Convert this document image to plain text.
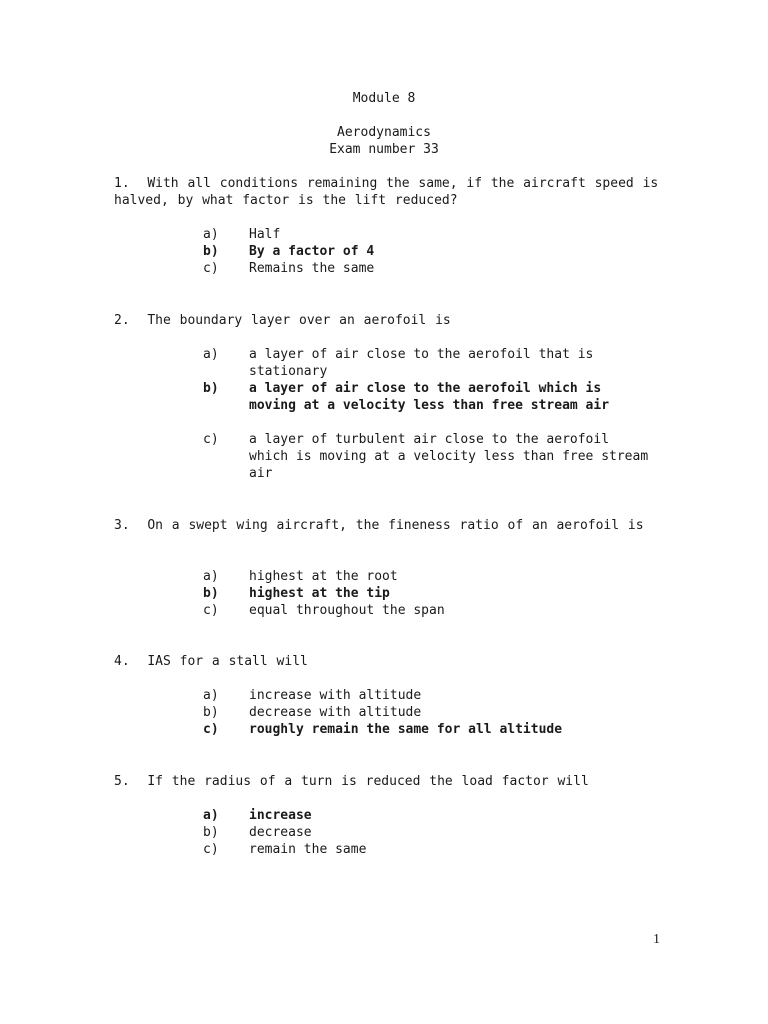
Module 8
Aerodynamics
Exam number 33
1. With all conditions remaining the same, if the aircraft speed is halved, by what factor is the lift reduced?
a)	Half
b)	By a factor of 4
c)	Remains the same
2. The boundary layer over an aerofoil is
a)	a layer of air close to the aerofoil that is stationary
b)	a layer of air close to the aerofoil which is moving at a velocity less than free stream air
c)	a layer of turbulent air close to the aerofoil which is moving at a velocity less than free stream air
3. On a swept wing aircraft, the fineness ratio of an aerofoil is
a)	highest at the root
b)	highest at the tip
c)	equal throughout the span
4. IAS for a stall will
a)	increase with altitude
b)	decrease with altitude
c)	roughly remain the same for all altitude
5. If the radius of a turn is reduced the load factor will
a)	increase
b)	decrease
c)	remain the same
1
